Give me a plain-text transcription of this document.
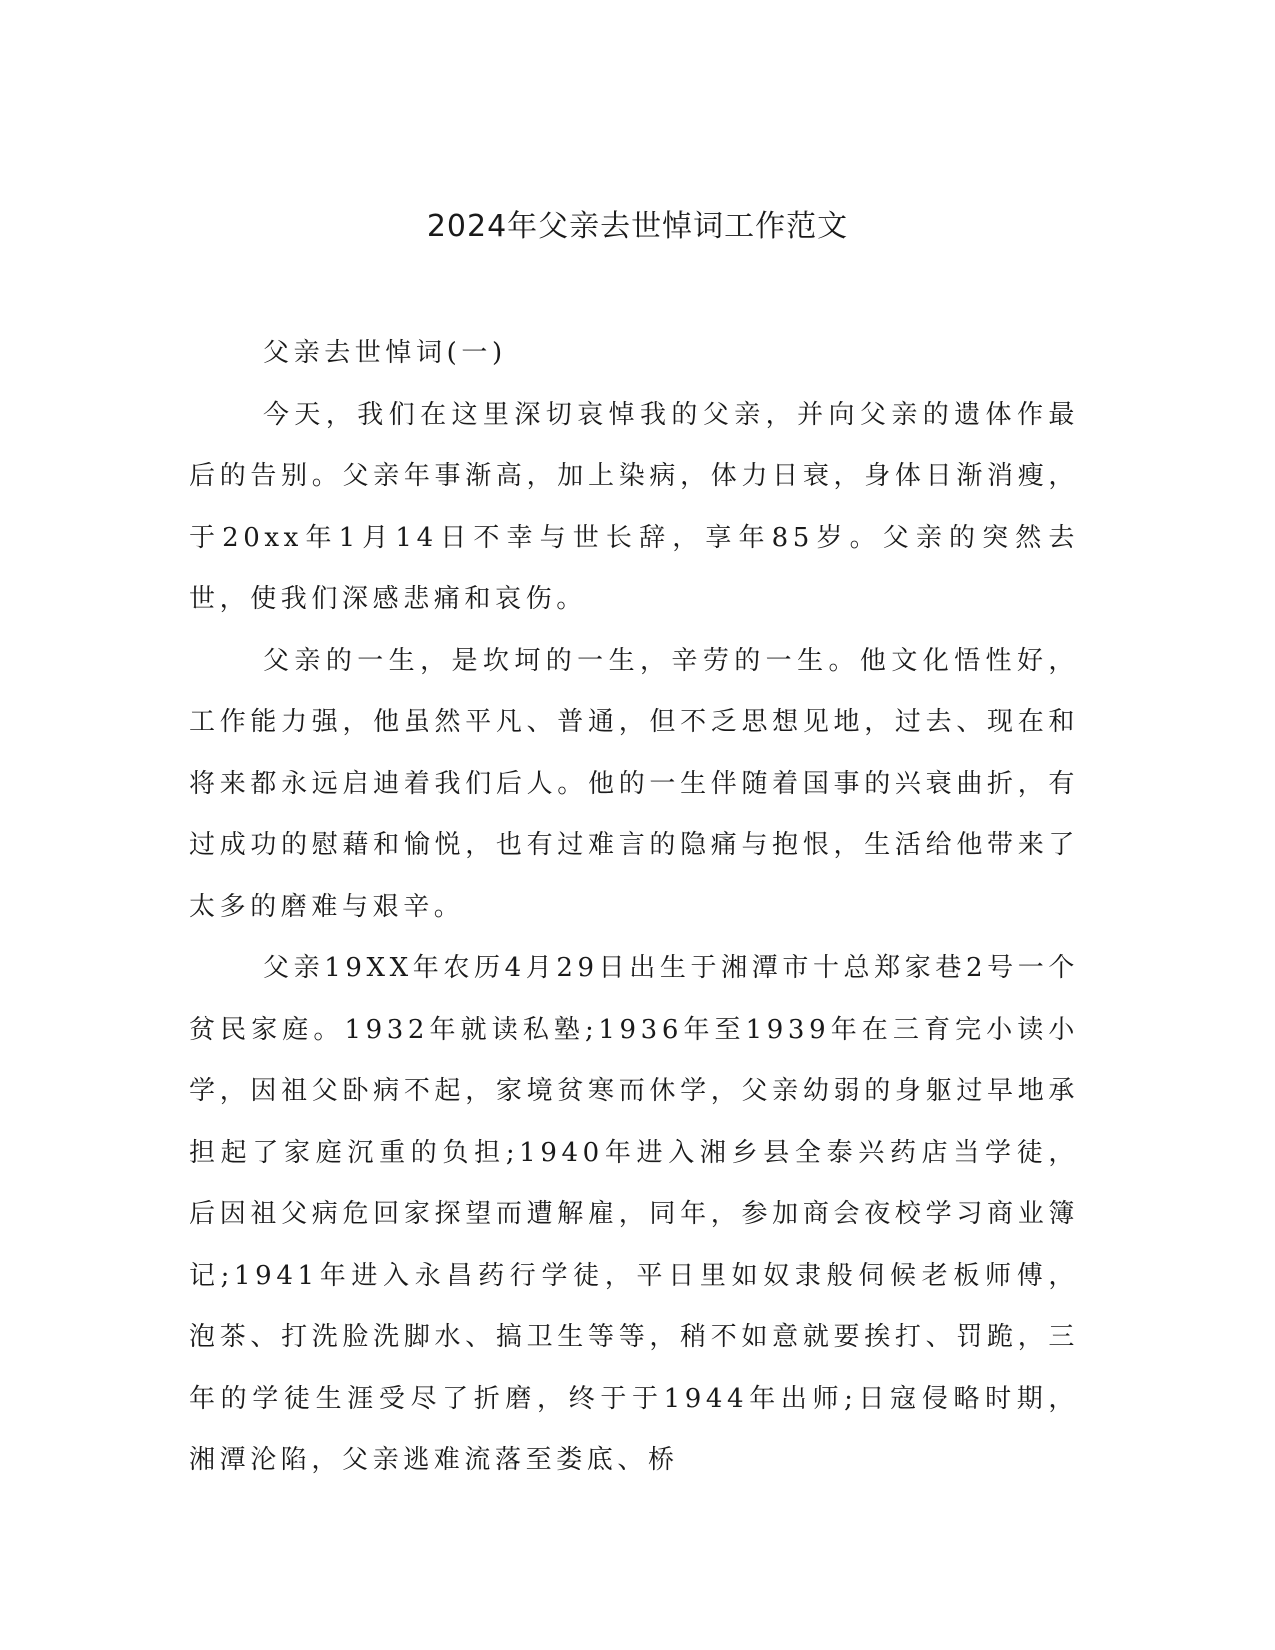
2024年父亲去世悼词工作范文

父亲去世悼词(一)

今天，我们在这里深切哀悼我的父亲，并向父亲的遗体作最后的告别。父亲年事渐高，加上染病，体力日衰，身体日渐消瘦，于20xx年1月14日不幸与世长辞，享年85岁。父亲的突然去世，使我们深感悲痛和哀伤。

父亲的一生，是坎坷的一生，辛劳的一生。他文化悟性好，工作能力强，他虽然平凡、普通，但不乏思想见地，过去、现在和将来都永远启迪着我们后人。他的一生伴随着国事的兴衰曲折，有过成功的慰藉和愉悦，也有过难言的隐痛与抱恨，生活给他带来了太多的磨难与艰辛。

父亲19XX年农历4月29日出生于湘潭市十总郑家巷2号一个贫民家庭。1932年就读私塾;1936年至1939年在三育完小读小学，因祖父卧病不起，家境贫寒而休学，父亲幼弱的身躯过早地承担起了家庭沉重的负担;1940年进入湘乡县全泰兴药店当学徒，后因祖父病危回家探望而遭解雇，同年，参加商会夜校学习商业簿记;1941年进入永昌药行学徒，平日里如奴隶般伺候老板师傅，泡茶、打洗脸洗脚水、搞卫生等等，稍不如意就要挨打、罚跪，三年的学徒生涯受尽了折磨，终于于1944年出师;日寇侵略时期，湘潭沦陷，父亲逃难流落至娄底、桥
